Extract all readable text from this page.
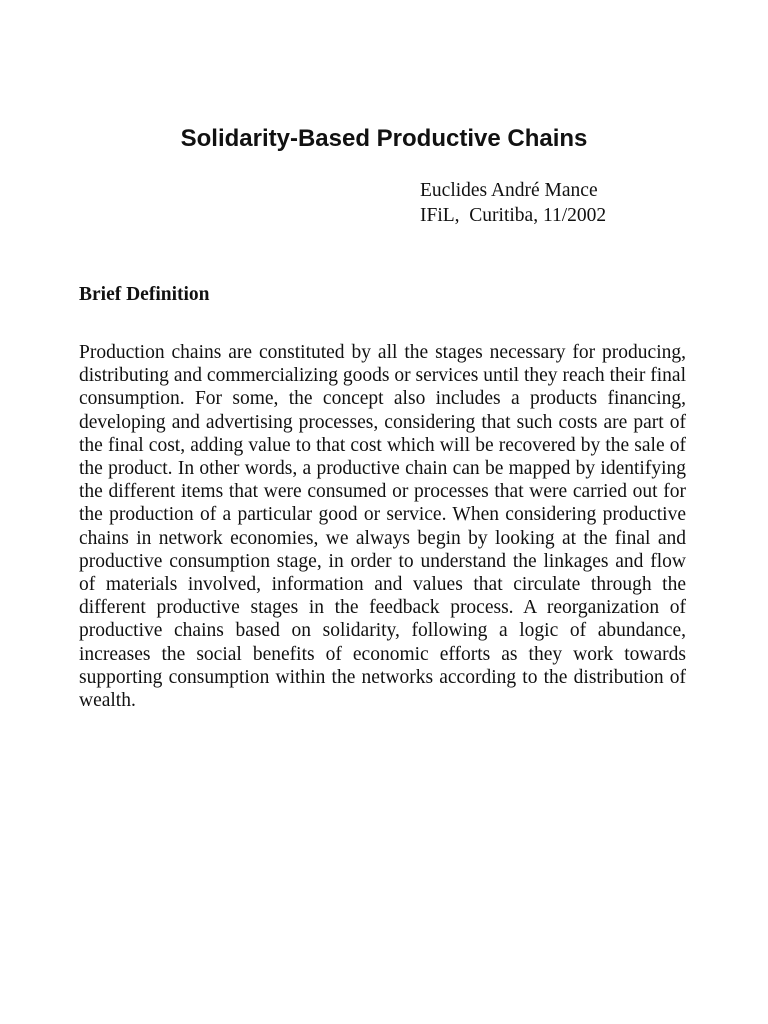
Solidarity-Based Productive Chains
Euclides André Mance
IFiL,  Curitiba, 11/2002
Brief Definition

Production chains are constituted by all the stages necessary for producing, distributing and commercializing goods or services until they reach their final consumption. For some, the concept also includes a products financing, developing and advertising processes, considering that such costs are part of the final cost, adding value to that cost which will be recovered by the sale of the product. In other words, a productive chain can be mapped by identifying the different items that were consumed or processes that were carried out for the production of a particular good or service. When considering productive chains in network economies, we always begin by looking at the final and productive consumption stage, in order to understand the linkages and flow of materials involved, information and values that circulate through the different productive stages in the feedback process. A reorganization of productive chains based on solidarity, following a logic of abundance, increases the social benefits of economic efforts as they work towards supporting consumption within the networks according to the distribution of wealth.
